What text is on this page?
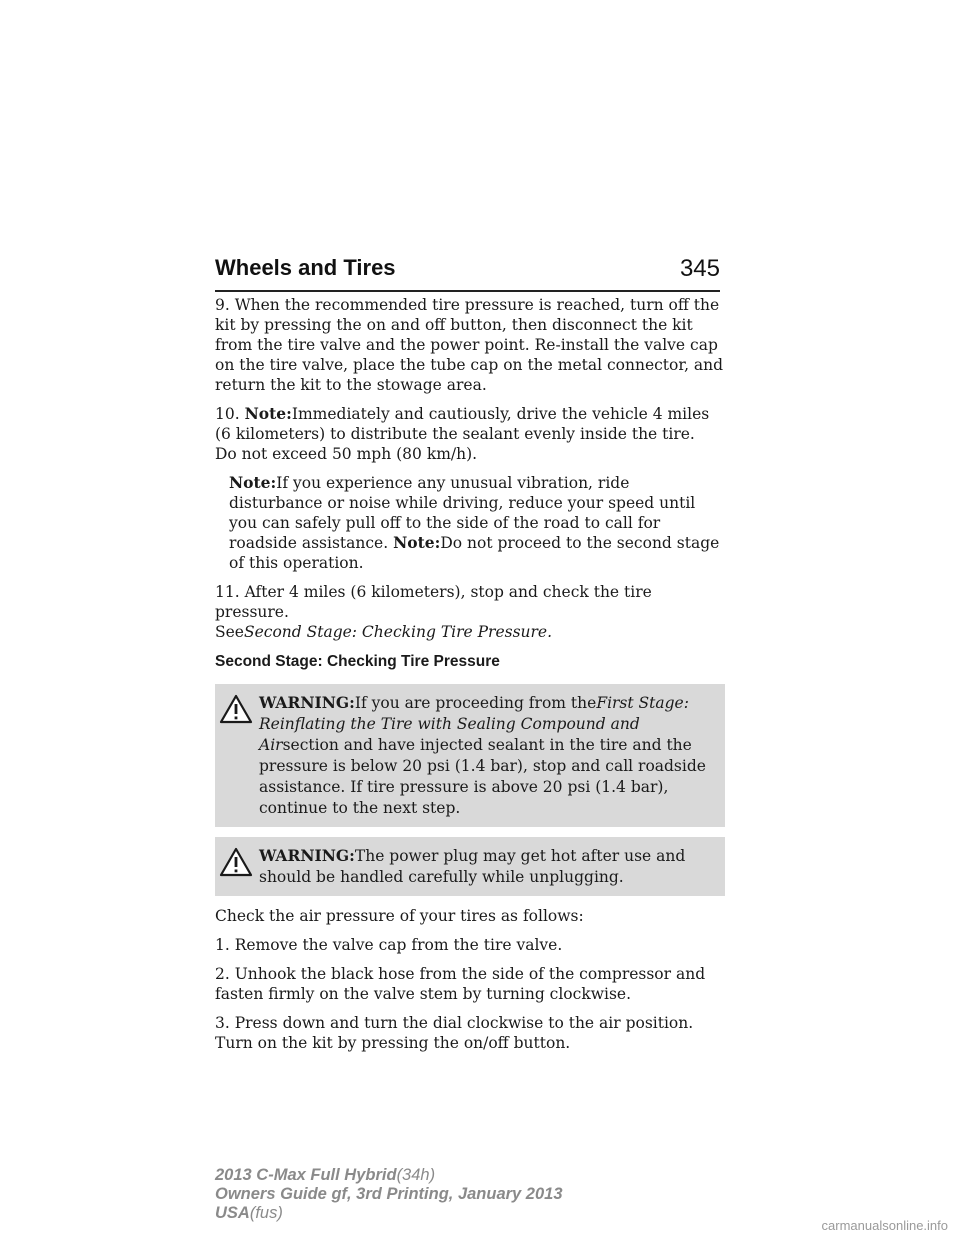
Wheels and Tires	345

9. When the recommended tire pressure is reached, turn off the kit by pressing the on and off button, then disconnect the kit from the tire valve and the power point. Re-install the valve cap on the tire valve, place the tube cap on the metal connector, and return the kit to the stowage area.

10. Note:Immediately and cautiously, drive the vehicle 4 miles
(6 kilometers) to distribute the sealant evenly inside the tire.
Do not exceed 50 mph (80 km/h).

Note:If you experience any unusual vibration, ride disturbance or noise while driving, reduce your speed until you can safely pull off to the side of the road to call for roadside assistance. Note:Do not proceed to the second stage of this operation.

11. After 4 miles (6 kilometers), stop and check the tire pressure.
SeeSecond Stage: Checking Tire Pressure.

Second Stage: Checking Tire Pressure

WARNING:If you are proceeding from theFirst Stage: Reinflating the Tire with Sealing Compound and Airsection and have injected sealant in the tire and the pressure is below 20 psi (1.4 bar), stop and call roadside assistance. If tire pressure is above 20 psi (1.4 bar), continue to the next step.
WARNING:The power plug may get hot after use and should be handled carefully while unplugging.

Check the air pressure of your tires as follows:

1. Remove the valve cap from the tire valve.

2. Unhook the black hose from the side of the compressor and fasten firmly on the valve stem by turning clockwise.

3. Press down and turn the dial clockwise to the air position. Turn on the kit by pressing the on/off button.

2013 C-Max Full Hybrid(34h)
Owners Guide gf, 3rd Printing, January 2013
USA(fus)
carmanualsonline.info
